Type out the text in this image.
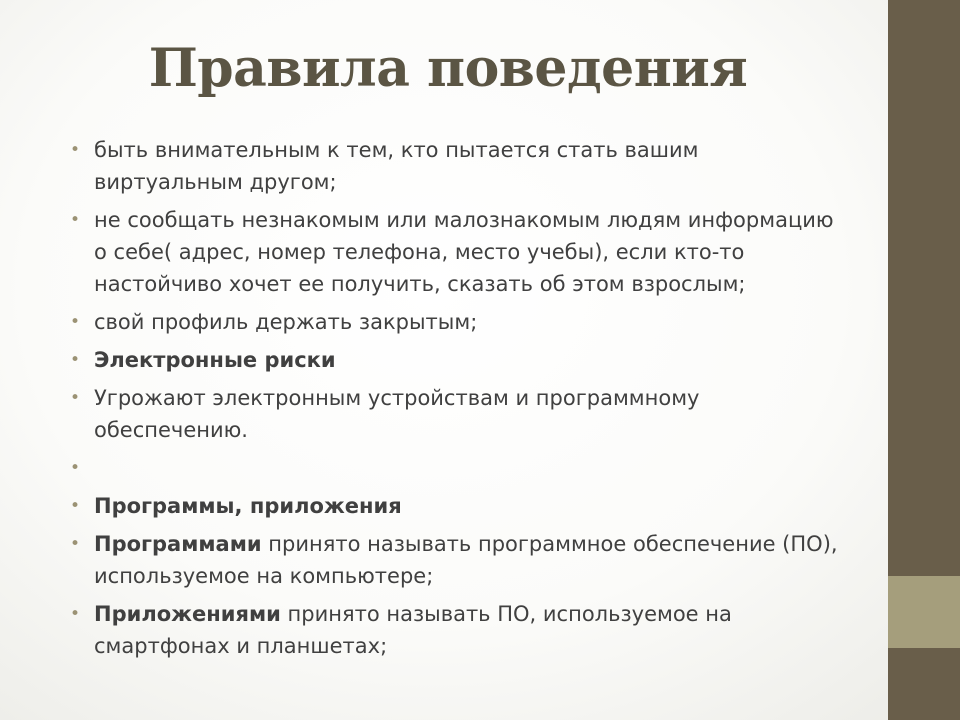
Правила поведения
• быть внимательным к тем, кто пытается стать вашим виртуальным другом;
• не сообщать незнакомым или малознакомым людям информацию о себе( адрес, номер телефона, место учебы), если кто-то настойчиво хочет ее получить, сказать об этом взрослым;
• свой профиль держать закрытым;
• Электронные риски
• Угрожают электронным устройствам и программному обеспечению.
•
• Программы, приложения
• Программами принято называть программное обеспечение (ПО), используемое на компьютере;
• Приложениями принято называть ПО, используемое на смартфонах и планшетах;
